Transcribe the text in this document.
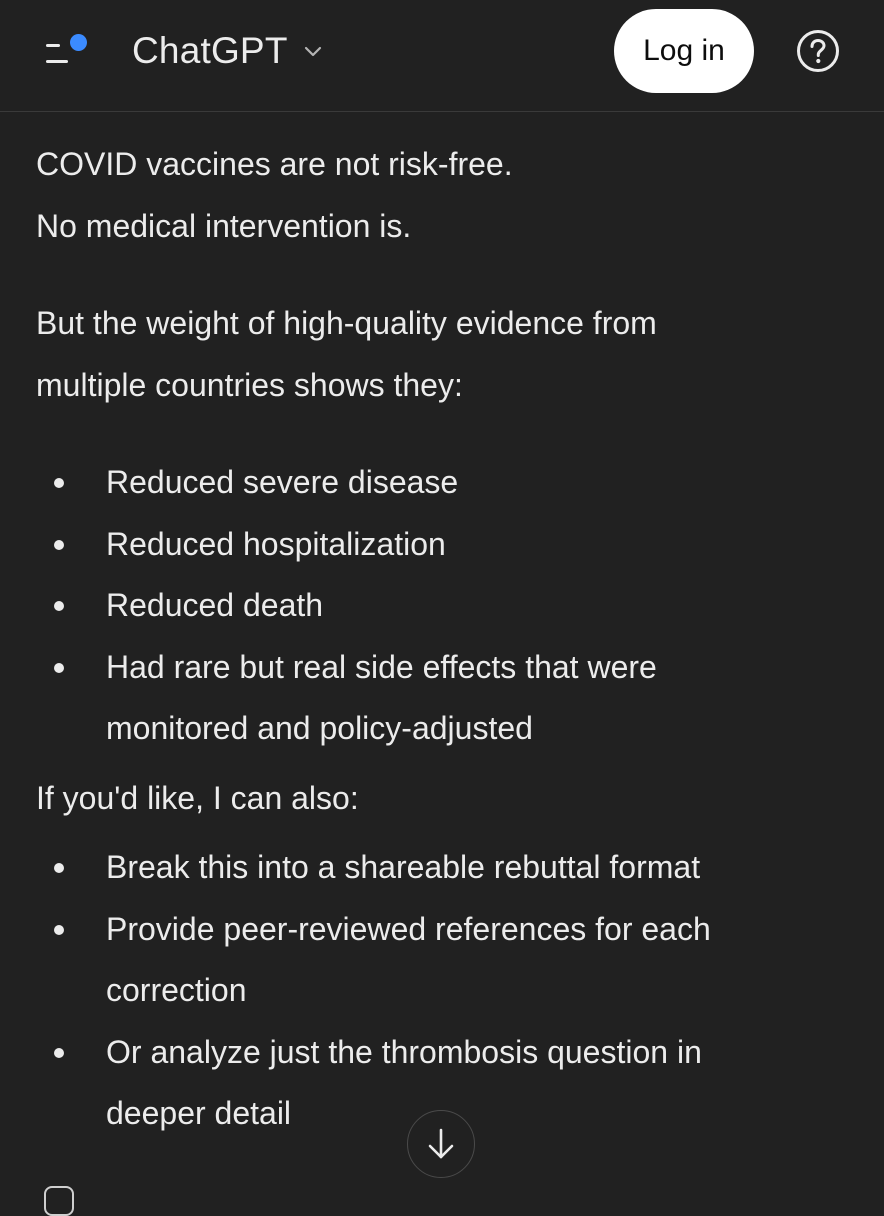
ChatGPT	Log in

COVID vaccines are not risk-free.

No medical intervention is.

But the weight of high-quality evidence from

multiple countries shows they:

Reduced severe disease
Reduced hospitalization
Reduced death
Had rare but real side effects that were
monitored and policy-adjusted

If you'd like, I can also:

Break this into a shareable rebuttal format
Provide peer-reviewed references for each
correction
Or analyze just the thrombosis question in
deeper detail
